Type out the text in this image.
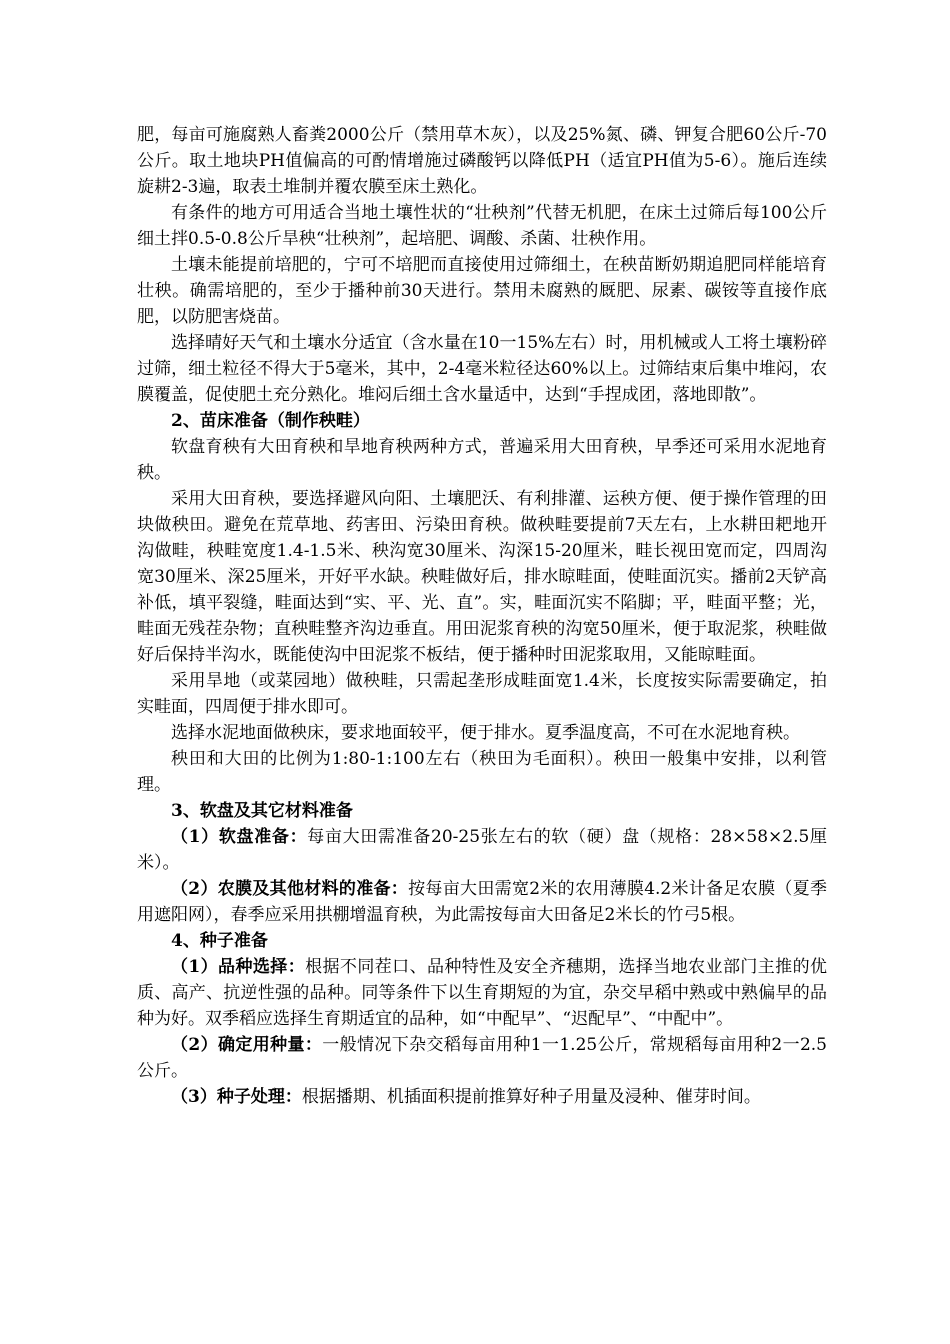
肥，每亩可施腐熟人畜粪2000公斤（禁用草木灰），以及25%氮、磷、钾复合肥60公斤-70公斤。取土地块PH值偏高的可酌情增施过磷酸钙以降低PH（适宜PH值为5-6）。施后连续旋耕2-3遍，取表土堆制并覆农膜至床土熟化。

有条件的地方可用适合当地土壤性状的“壮秧剂”代替无机肥，在床土过筛后每100公斤细土拌0.5-0.8公斤旱秧“壮秧剂”，起培肥、调酸、杀菌、壮秧作用。

土壤未能提前培肥的，宁可不培肥而直接使用过筛细土，在秧苗断奶期追肥同样能培育壮秧。确需培肥的，至少于播种前30天进行。禁用未腐熟的厩肥、尿素、碳铵等直接作底肥，以防肥害烧苗。

选择晴好天气和土壤水分适宜（含水量在10一15%左右）时，用机械或人工将土壤粉碎过筛，细土粒径不得大于5毫米，其中，2-4毫米粒径达60%以上。过筛结束后集中堆闷，农膜覆盖，促使肥土充分熟化。堆闷后细土含水量适中，达到“手捏成团，落地即散”。

2、苗床准备（制作秧畦）

软盘育秧有大田育秧和旱地育秧两种方式，普遍采用大田育秧，早季还可采用水泥地育秧。

采用大田育秧，要选择避风向阳、土壤肥沃、有利排灌、运秧方便、便于操作管理的田块做秧田。避免在荒草地、药害田、污染田育秧。做秧畦要提前7天左右，上水耕田耙地开沟做畦，秧畦宽度1.4-1.5米、秧沟宽30厘米、沟深15-20厘米，畦长视田宽而定，四周沟宽30厘米、深25厘米，开好平水缺。秧畦做好后，排水晾畦面，使畦面沉实。播前2天铲高补低，填平裂缝，畦面达到“实、平、光、直”。实，畦面沉实不陷脚；平，畦面平整；光，畦面无残茬杂物；直秧畦整齐沟边垂直。用田泥浆育秧的沟宽50厘米，便于取泥浆，秧畦做好后保持半沟水，既能使沟中田泥浆不板结，便于播种时田泥浆取用，又能晾畦面。

采用旱地（或菜园地）做秧畦，只需起垄形成畦面宽1.4米，长度按实际需要确定，拍实畦面，四周便于排水即可。

选择水泥地面做秧床，要求地面较平，便于排水。夏季温度高，不可在水泥地育秧。

秧田和大田的比例为1:80-1:100左右（秧田为毛面积）。秧田一般集中安排，以利管理。

3、软盘及其它材料准备

（1）软盘准备：每亩大田需准备20-25张左右的软（硬）盘（规格：28×58×2.5厘米）。

（2）农膜及其他材料的准备：按每亩大田需宽2米的农用薄膜4.2米计备足农膜（夏季用遮阳网），春季应采用拱棚增温育秧，为此需按每亩大田备足2米长的竹弓5根。

4、种子准备

（1）品种选择：根据不同茬口、品种特性及安全齐穗期，选择当地农业部门主推的优质、高产、抗逆性强的品种。同等条件下以生育期短的为宜，杂交早稻中熟或中熟偏早的品种为好。双季稻应选择生育期适宜的品种，如“中配早”、“迟配早”、“中配中”。

（2）确定用种量：一般情况下杂交稻每亩用种1一1.25公斤，常规稻每亩用种2一2.5公斤。

（3）种子处理：根据播期、机插面积提前推算好种子用量及浸种、催芽时间。
